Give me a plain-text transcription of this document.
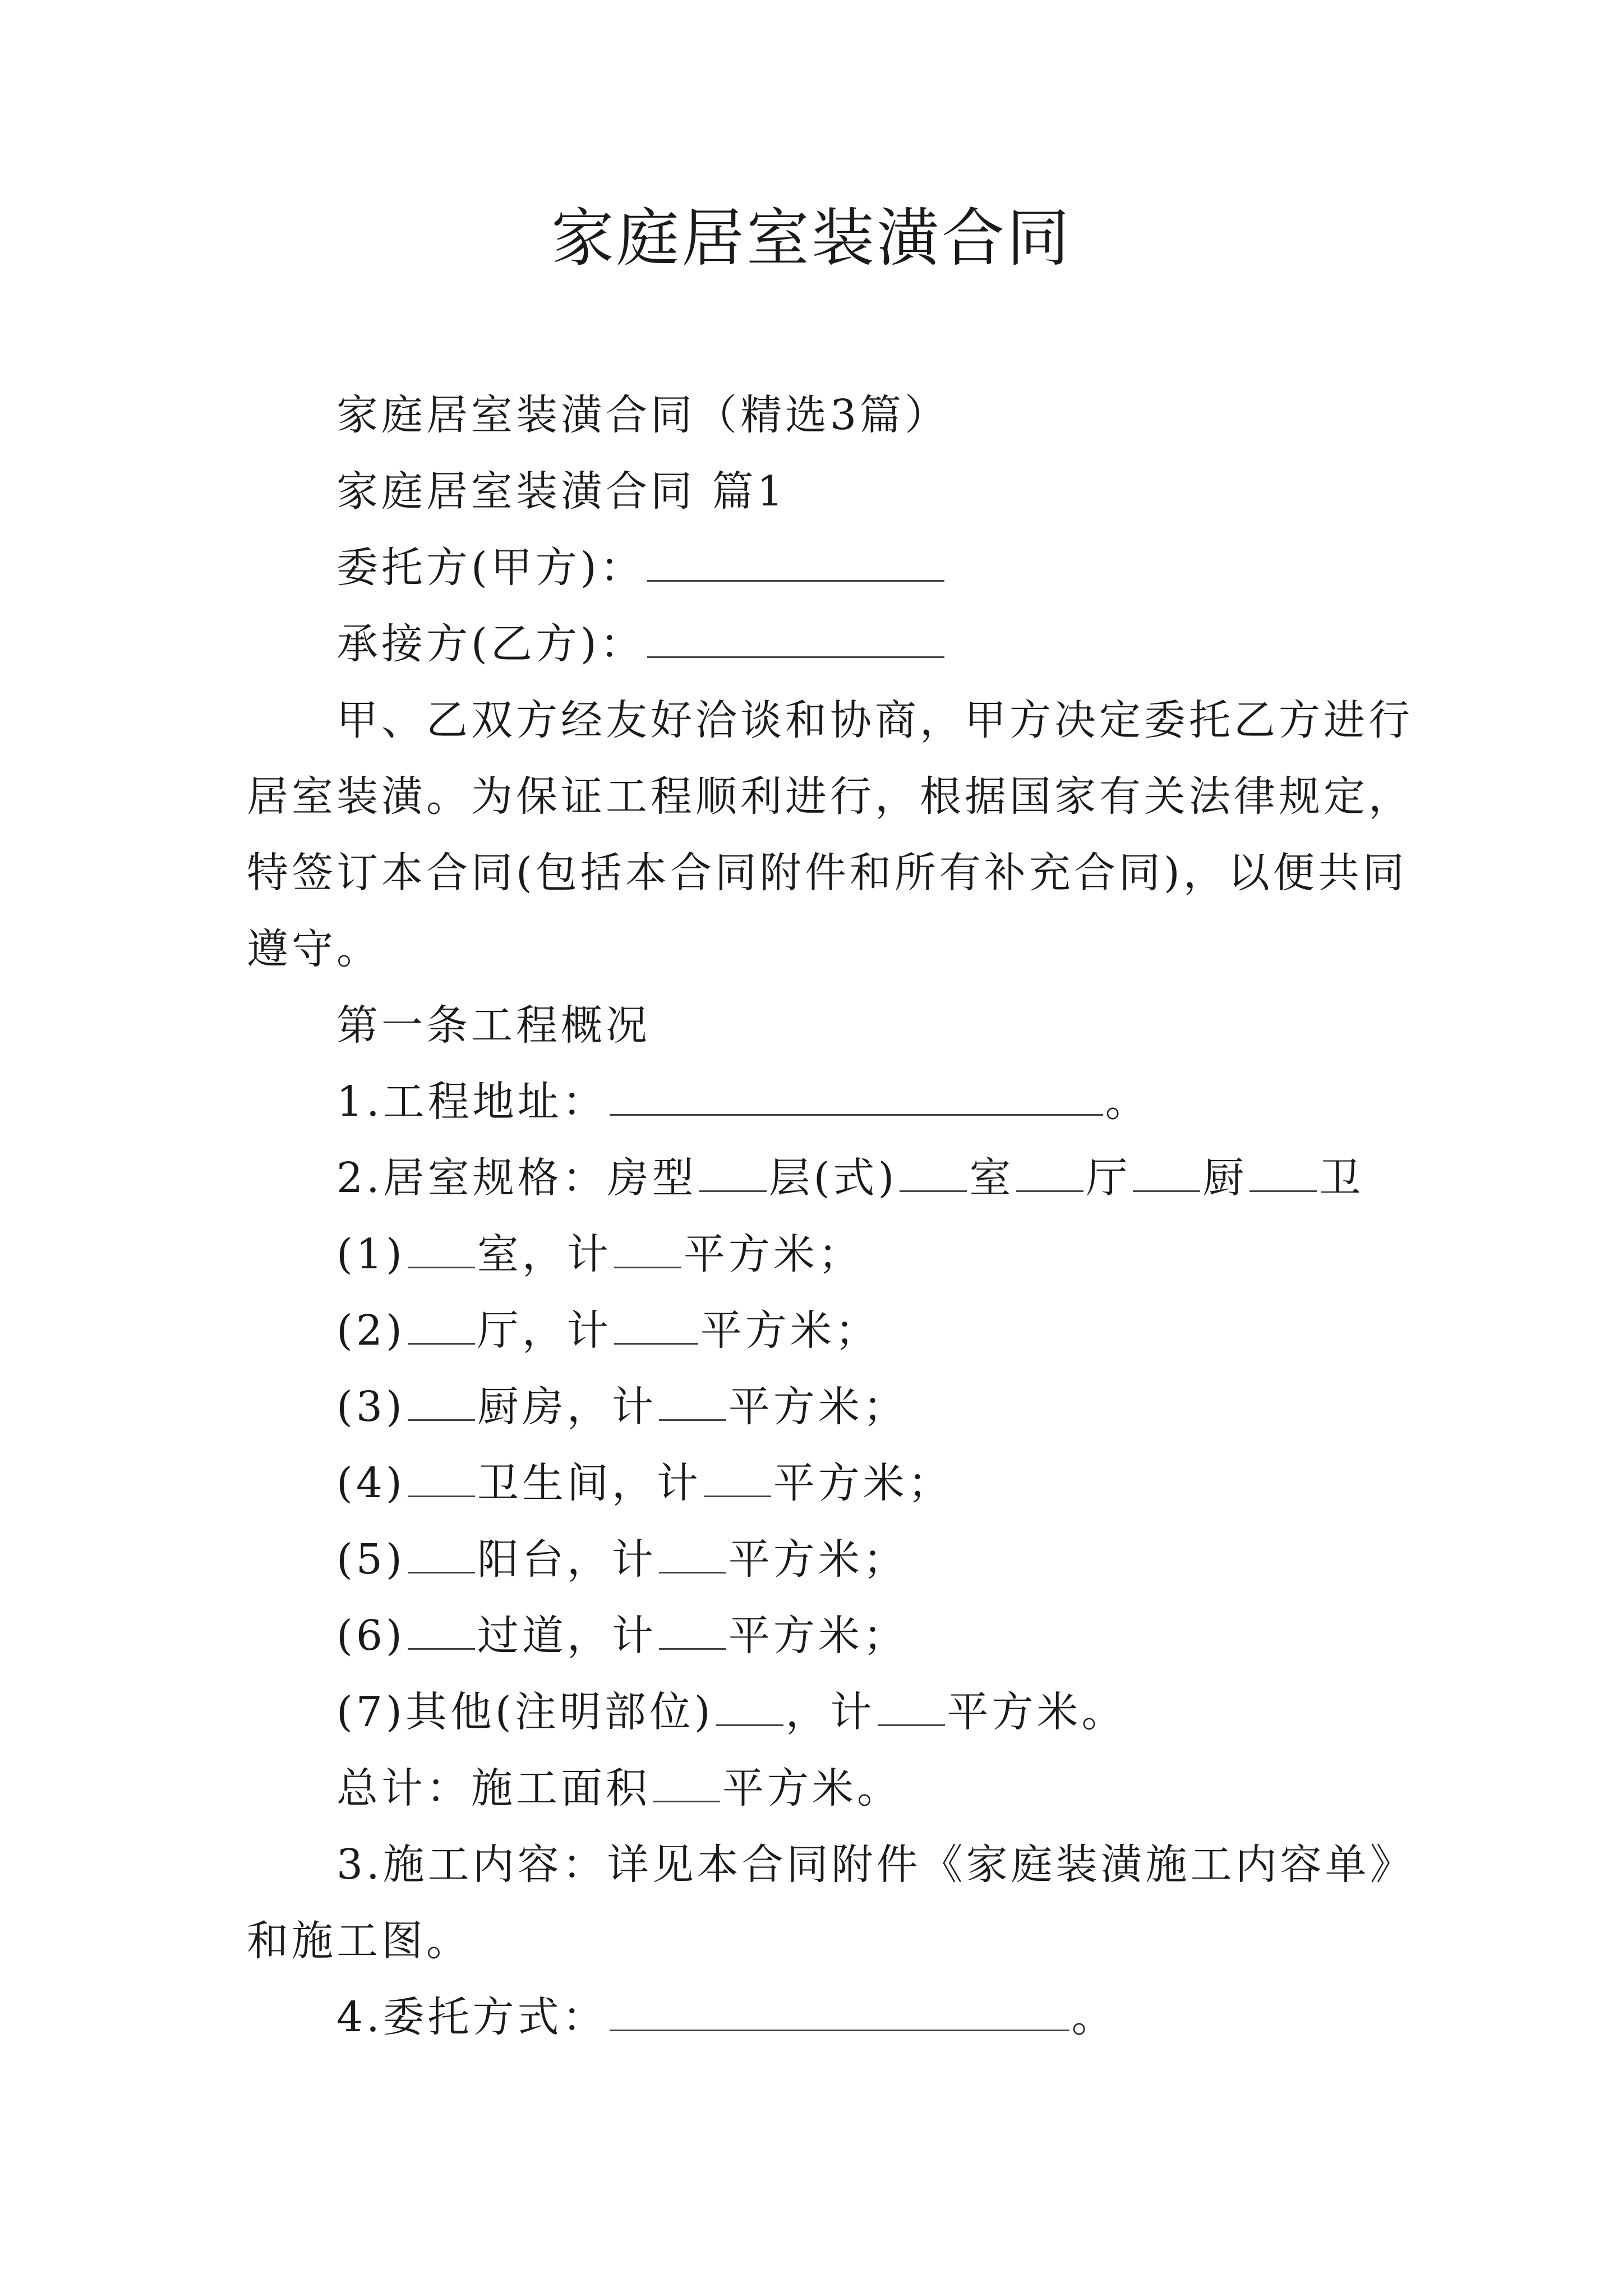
家庭居室装潢合同
家庭居室装潢合同（精选3篇）
家庭居室装潢合同 篇1
委托方(甲方)：
承接方(乙方)：
甲、乙双方经友好洽谈和协商，甲方决定委托乙方进行
居室装潢。为保证工程顺利进行，根据国家有关法律规定，
特签订本合同(包括本合同附件和所有补充合同)，以便共同
遵守。
第一条工程概况
1.工程地址：	。
2.居室规格：房型 层(式) 室 厅 厨 卫
(1) 室，计 平方米；
(2) 厅，计 平方米；
(3) 厨房，计 平方米；
(4) 卫生间，计 平方米；
(5) 阳台，计 平方米；
(6) 过道，计 平方米；
(7)其他(注明部位) ，计 平方米。
总计：施工面积 平方米。
3.施工内容：详见本合同附件《家庭装潢施工内容单》
和施工图。
4.委托方式：	。
